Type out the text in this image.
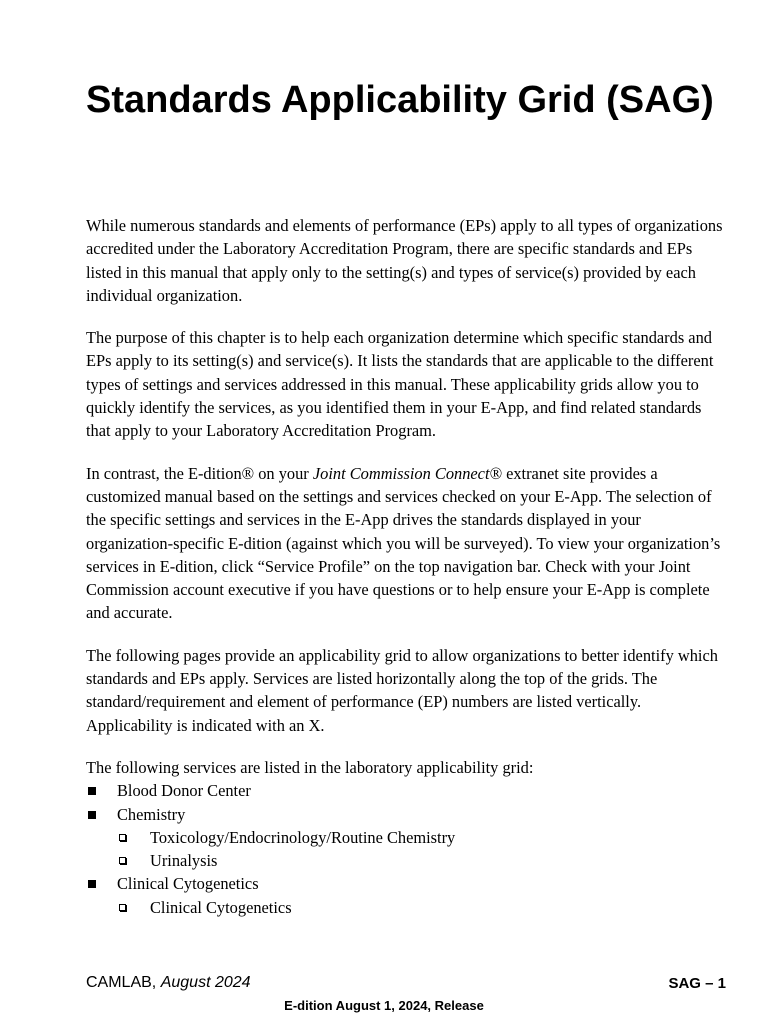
Standards Applicability Grid (SAG)

While numerous standards and elements of performance (EPs) apply to all types of organizations accredited under the Laboratory Accreditation Program, there are specific standards and EPs listed in this manual that apply only to the setting(s) and types of service(s) provided by each individual organization.

The purpose of this chapter is to help each organization determine which specific standards and EPs apply to its setting(s) and service(s). It lists the standards that are applicable to the different types of settings and services addressed in this manual. These applicability grids allow you to quickly identify the services, as you identified them in your E-App, and find related standards that apply to your Laboratory Accreditation Program.

In contrast, the E-dition® on your Joint Commission Connect® extranet site provides a customized manual based on the settings and services checked on your E-App. The selection of the specific settings and services in the E-App drives the standards displayed in your organization-specific E-dition (against which you will be surveyed). To view your organization’s services in E-dition, click “Service Profile” on the top navigation bar. Check with your Joint Commission account executive if you have questions or to help ensure your E-App is complete and accurate.

The following pages provide an applicability grid to allow organizations to better identify which standards and EPs apply. Services are listed horizontally along the top of the grids. The standard/requirement and element of performance (EP) numbers are listed vertically. Applicability is indicated with an X.

The following services are listed in the laboratory applicability grid:

Blood Donor Center
Chemistry
Toxicology/Endocrinology/Routine Chemistry
Urinalysis
Clinical Cytogenetics
Clinical Cytogenetics
CAMLAB, August 2024	SAG – 1
E-dition August 1, 2024, Release
